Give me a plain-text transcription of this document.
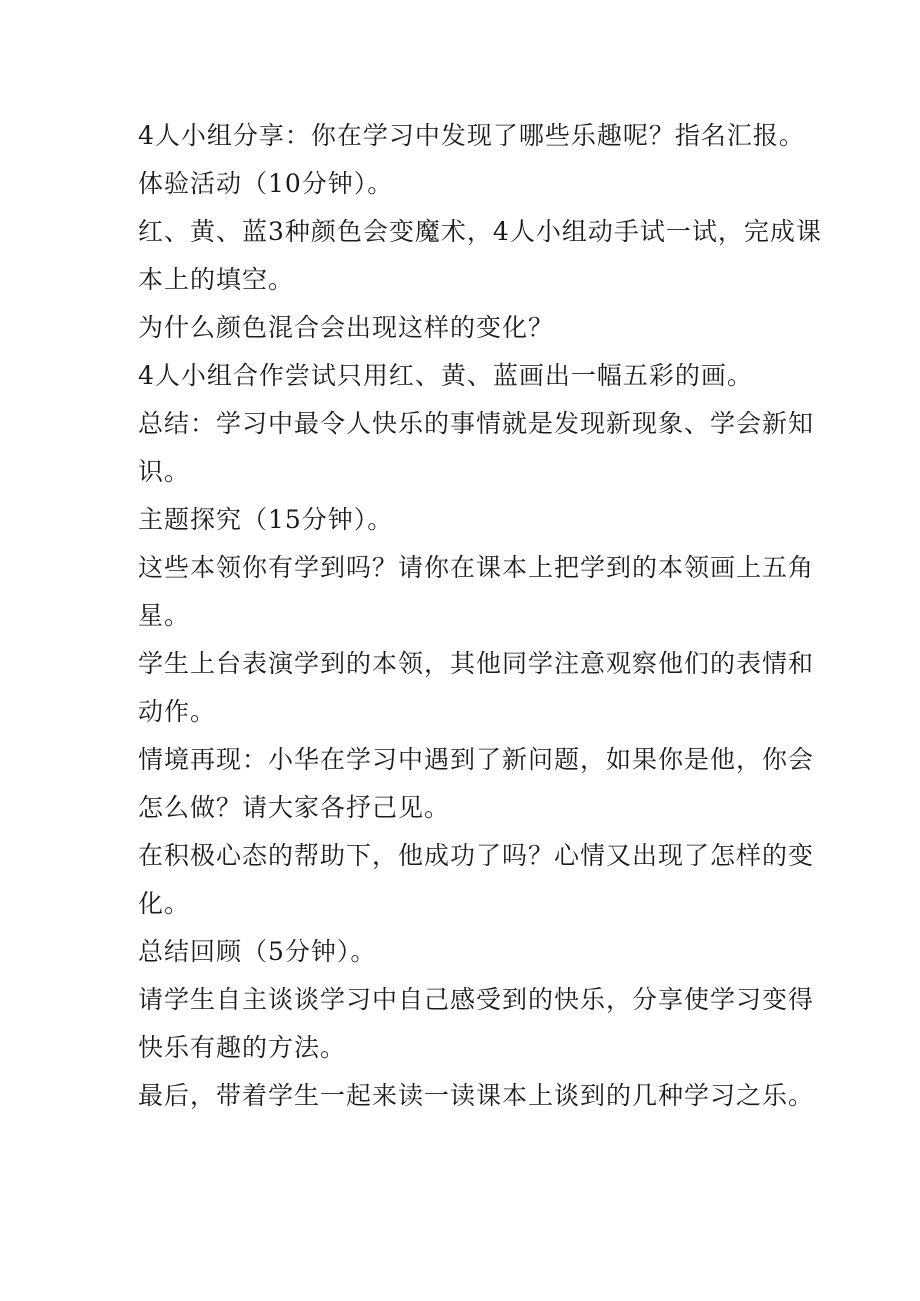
4人小组分享：你在学习中发现了哪些乐趣呢？指名汇报。
体验活动（10分钟）。
红、黄、蓝3种颜色会变魔术，4人小组动手试一试，完成课
本上的填空。
为什么颜色混合会出现这样的变化？
4人小组合作尝试只用红、黄、蓝画出一幅五彩的画。
总结：学习中最令人快乐的事情就是发现新现象、学会新知
识。
主题探究（15分钟）。
这些本领你有学到吗？请你在课本上把学到的本领画上五角
星。
学生上台表演学到的本领，其他同学注意观察他们的表情和
动作。
情境再现：小华在学习中遇到了新问题，如果你是他，你会
怎么做？请大家各抒己见。
在积极心态的帮助下，他成功了吗？心情又出现了怎样的变
化。
总结回顾（5分钟）。
请学生自主谈谈学习中自己感受到的快乐，分享使学习变得
快乐有趣的方法。
最后，带着学生一起来读一读课本上谈到的几种学习之乐。
